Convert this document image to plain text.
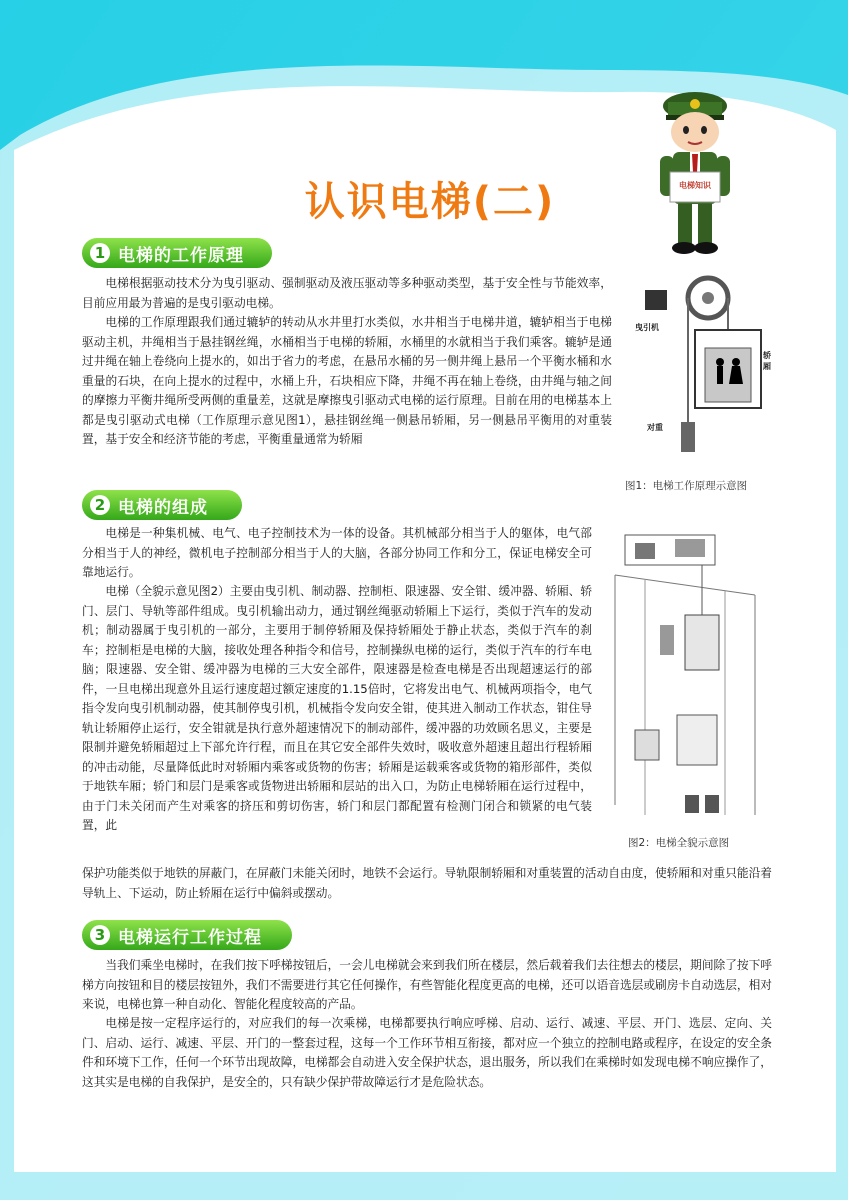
认识电梯(二)	电梯知识
1 电梯的工作原理

电梯根据驱动技术分为曳引驱动、强制驱动及液压驱动等多种驱动类型，基于安全性与节能效率，目前应用最为普遍的是曳引驱动电梯。

电梯的工作原理跟我们通过辘轳的转动从水井里打水类似，水井相当于电梯井道，辘轳相当于电梯驱动主机，井绳相当于悬挂钢丝绳，水桶相当于电梯的轿厢，水桶里的水就相当于我们乘客。辘轳是通过井绳在轴上卷绕向上提水的，如出于省力的考虑，在悬吊水桶的另一侧井绳上悬吊一个平衡水桶和水重量的石块，在向上提水的过程中，水桶上升，石块相应下降，井绳不再在轴上卷绕，由井绳与轴之间的摩擦力平衡井绳所受两侧的重量差，这就是摩擦曳引驱动式电梯的运行原理。目前在用的电梯基本上都是曳引驱动式电梯（工作原理示意见图1），悬挂钢丝绳一侧悬吊轿厢，另一侧悬吊平衡用的对重装置，基于安全和经济节能的考虑，平衡重量通常为轿厢

曳引机
轿厢
对重
图1：电梯工作原理示意图
2 电梯的组成

电梯是一种集机械、电气、电子控制技术为一体的设备。其机械部分相当于人的躯体，电气部分相当于人的神经，微机电子控制部分相当于人的大脑，各部分协同工作和分工，保证电梯安全可靠地运行。

电梯（全貌示意见图2）主要由曳引机、制动器、控制柜、限速器、安全钳、缓冲器、轿厢、轿门、层门、导轨等部件组成。曳引机输出动力，通过钢丝绳驱动轿厢上下运行，类似于汽车的发动机；制动器属于曳引机的一部分，主要用于制停轿厢及保持轿厢处于静止状态，类似于汽车的刹车；控制柜是电梯的大脑，接收处理各种指令和信号，控制操纵电梯的运行，类似于汽车的行车电脑；限速器、安全钳、缓冲器为电梯的三大安全部件，限速器是检查电梯是否出现超速运行的部件，一旦电梯出现意外且运行速度超过额定速度的1.15倍时，它将发出电气、机械两项指令，电气指令发向曳引机制动器，使其制停曳引机，机械指令发向安全钳，使其进入制动工作状态，钳住导轨让轿厢停止运行，安全钳就是执行意外超速情况下的制动部件，缓冲器的功效顾名思义，主要是限制并避免轿厢超过上下部允许行程，而且在其它安全部件失效时，吸收意外超速且超出行程轿厢的冲击动能，尽量降低此时对轿厢内乘客或货物的伤害；轿厢是运载乘客或货物的箱形部件，类似于地铁车厢；轿门和层门是乘客或货物进出轿厢和层站的出入口，为防止电梯轿厢在运行过程中，由于门未关闭而产生对乘客的挤压和剪切伤害，轿门和层门都配置有检测门闭合和锁紧的电气装置，此

保护功能类似于地铁的屏蔽门，在屏蔽门未能关闭时，地铁不会运行。导轨限制轿厢和对重装置的活动自由度，使轿厢和对重只能沿着导轨上、下运动，防止轿厢在运行中偏斜或摆动。

图2：电梯全貌示意图
3 电梯运行工作过程

当我们乘坐电梯时，在我们按下呼梯按钮后，一会儿电梯就会来到我们所在楼层，然后载着我们去往想去的楼层，期间除了按下呼梯方向按钮和目的楼层按钮外，我们不需要进行其它任何操作，有些智能化程度更高的电梯，还可以语音选层或刷房卡自动选层，相对来说，电梯也算一种自动化、智能化程度较高的产品。

电梯是按一定程序运行的，对应我们的每一次乘梯，电梯都要执行响应呼梯、启动、运行、减速、平层、开门、选层、定向、关门、启动、运行、减速、平层、开门的一整套过程，这每一个工作环节相互衔接，都对应一个独立的控制电路或程序，在设定的安全条件和环境下工作，任何一个环节出现故障，电梯都会自动进入安全保护状态，退出服务，所以我们在乘梯时如发现电梯不响应操作了，这其实是电梯的自我保护，是安全的，只有缺少保护带故障运行才是危险状态。
